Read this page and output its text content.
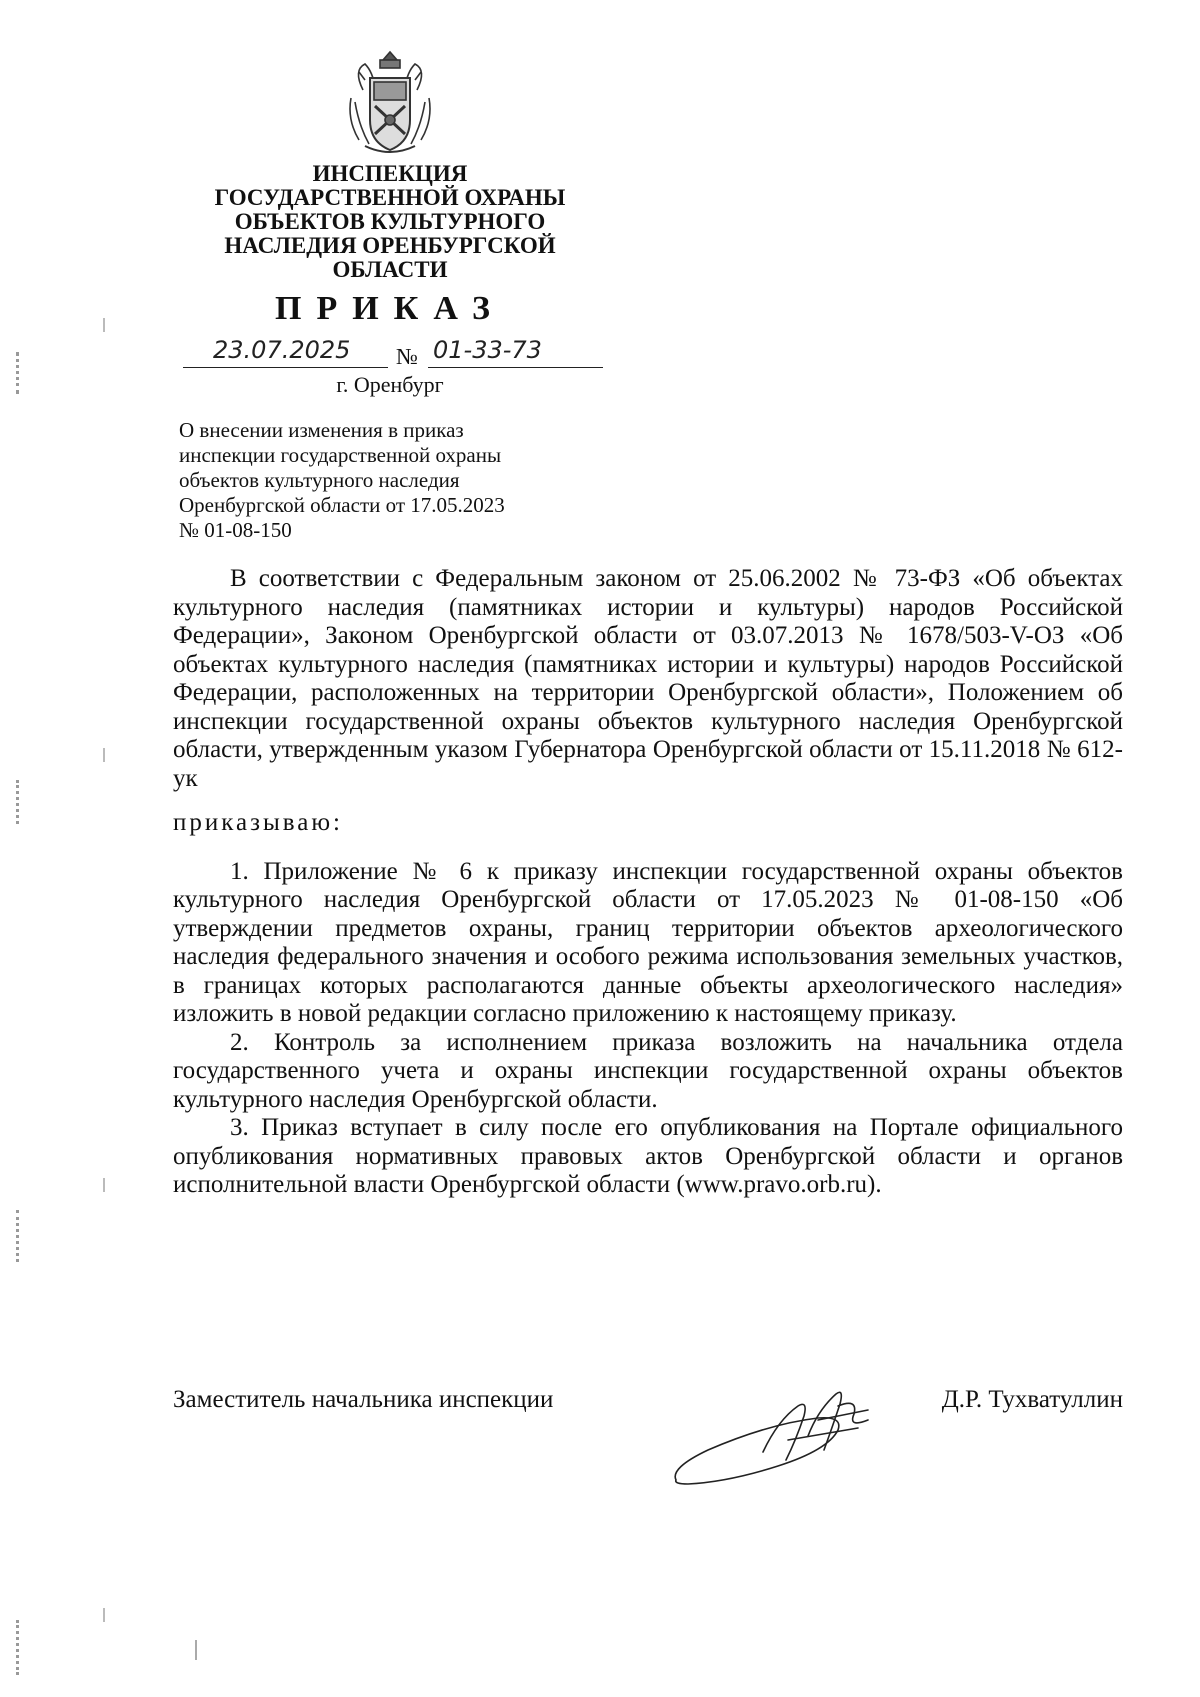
ИНСПЕКЦИЯ
ГОСУДАРСТВЕННОЙ ОХРАНЫ
ОБЪЕКТОВ КУЛЬТУРНОГО
НАСЛЕДИЯ ОРЕНБУРГСКОЙ
ОБЛАСТИ
ПРИКАЗ
23.07.2025 № 01-33-73
г. Оренбург
О внесении изменения в приказ
инспекции государственной охраны
объектов культурного наследия
Оренбургской области от 17.05.2023
№ 01-08-150

В соответствии с Федеральным законом от 25.06.2002 № 73-ФЗ «Об объектах культурного наследия (памятниках истории и культуры) народов Российской Федерации», Законом Оренбургской области от 03.07.2013 № 1678/503-V-ОЗ «Об объектах культурного наследия (памятниках истории и культуры) народов Российской Федерации, расположенных на территории Оренбургской области», Положением об инспекции государственной охраны объектов культурного наследия Оренбургской области, утвержденным указом Губернатора Оренбургской области от 15.11.2018 № 612-ук

приказываю:

1. Приложение № 6 к приказу инспекции государственной охраны объектов культурного наследия Оренбургской области от 17.05.2023 № 01-08-150 «Об утверждении предметов охраны, границ территории объектов археологического наследия федерального значения и особого режима использования земельных участков, в границах которых располагаются данные объекты археологического наследия» изложить в новой редакции согласно приложению к настоящему приказу.

2. Контроль за исполнением приказа возложить на начальника отдела государственного учета и охраны инспекции государственной охраны объектов культурного наследия Оренбургской области.

3. Приказ вступает в силу после его опубликования на Портале официального опубликования нормативных правовых актов Оренбургской области и органов исполнительной власти Оренбургской области (www.pravo.orb.ru).

Заместитель начальника инспекции	Д.Р. Тухватуллин
